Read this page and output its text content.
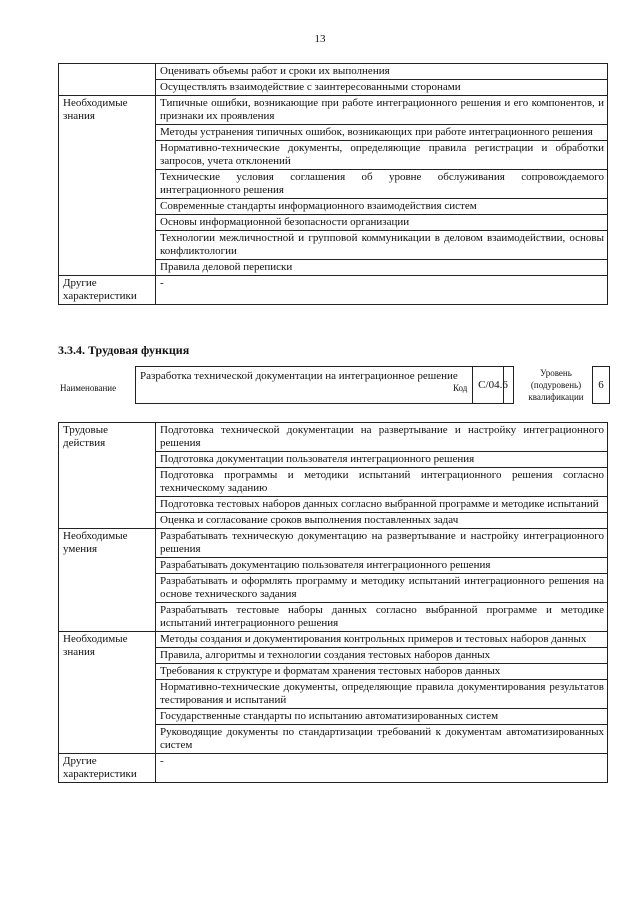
13
	Оценивать объемы работ и сроки их выполнения
	Осуществлять взаимодействие с заинтересованными сторонами
Необходимые знания	Типичные ошибки, возникающие при работе интеграционного решения и его компонентов, и признаки их проявления
	Методы устранения типичных ошибок, возникающих при работе интеграционного решения
	Нормативно-технические документы, определяющие правила регистрации и обработки запросов, учета отклонений
	Технические условия соглашения об уровне обслуживания сопровождаемого интеграционного решения
	Современные стандарты информационного взаимодействия систем
	Основы информационной безопасности организации
	Технологии межличностной и групповой коммуникации в деловом взаимодействии, основы конфликтологии
	Правила деловой переписки
Другие характеристики	-
3.3.4. Трудовая функция
Наименование
Разработка технической документации на интеграционное решение
Код С/04.6
Уровень (подуровень) квалификации
6
Трудовые действия	Подготовка технической документации на развертывание и настройку интеграционного решения
	Подготовка документации пользователя интеграционного решения
	Подготовка программы и методики испытаний интеграционного решения согласно техническому заданию
	Подготовка тестовых наборов данных согласно выбранной программе и методике испытаний
	Оценка и согласование сроков выполнения поставленных задач
Необходимые умения	Разрабатывать техническую документацию на развертывание и настройку интеграционного решения
	Разрабатывать документацию пользователя интеграционного решения
	Разрабатывать и оформлять программу и методику испытаний интеграционного решения на основе технического задания
	Разрабатывать тестовые наборы данных согласно выбранной программе и методике испытаний интеграционного решения
Необходимые знания	Методы создания и документирования контрольных примеров и тестовых наборов данных
	Правила, алгоритмы и технологии создания тестовых наборов данных
	Требования к структуре и форматам хранения тестовых наборов данных
	Нормативно-технические документы, определяющие правила документирования результатов тестирования и испытаний
	Государственные стандарты по испытанию автоматизированных систем
	Руководящие документы по стандартизации требований к документам автоматизированных систем
Другие характеристики	-
